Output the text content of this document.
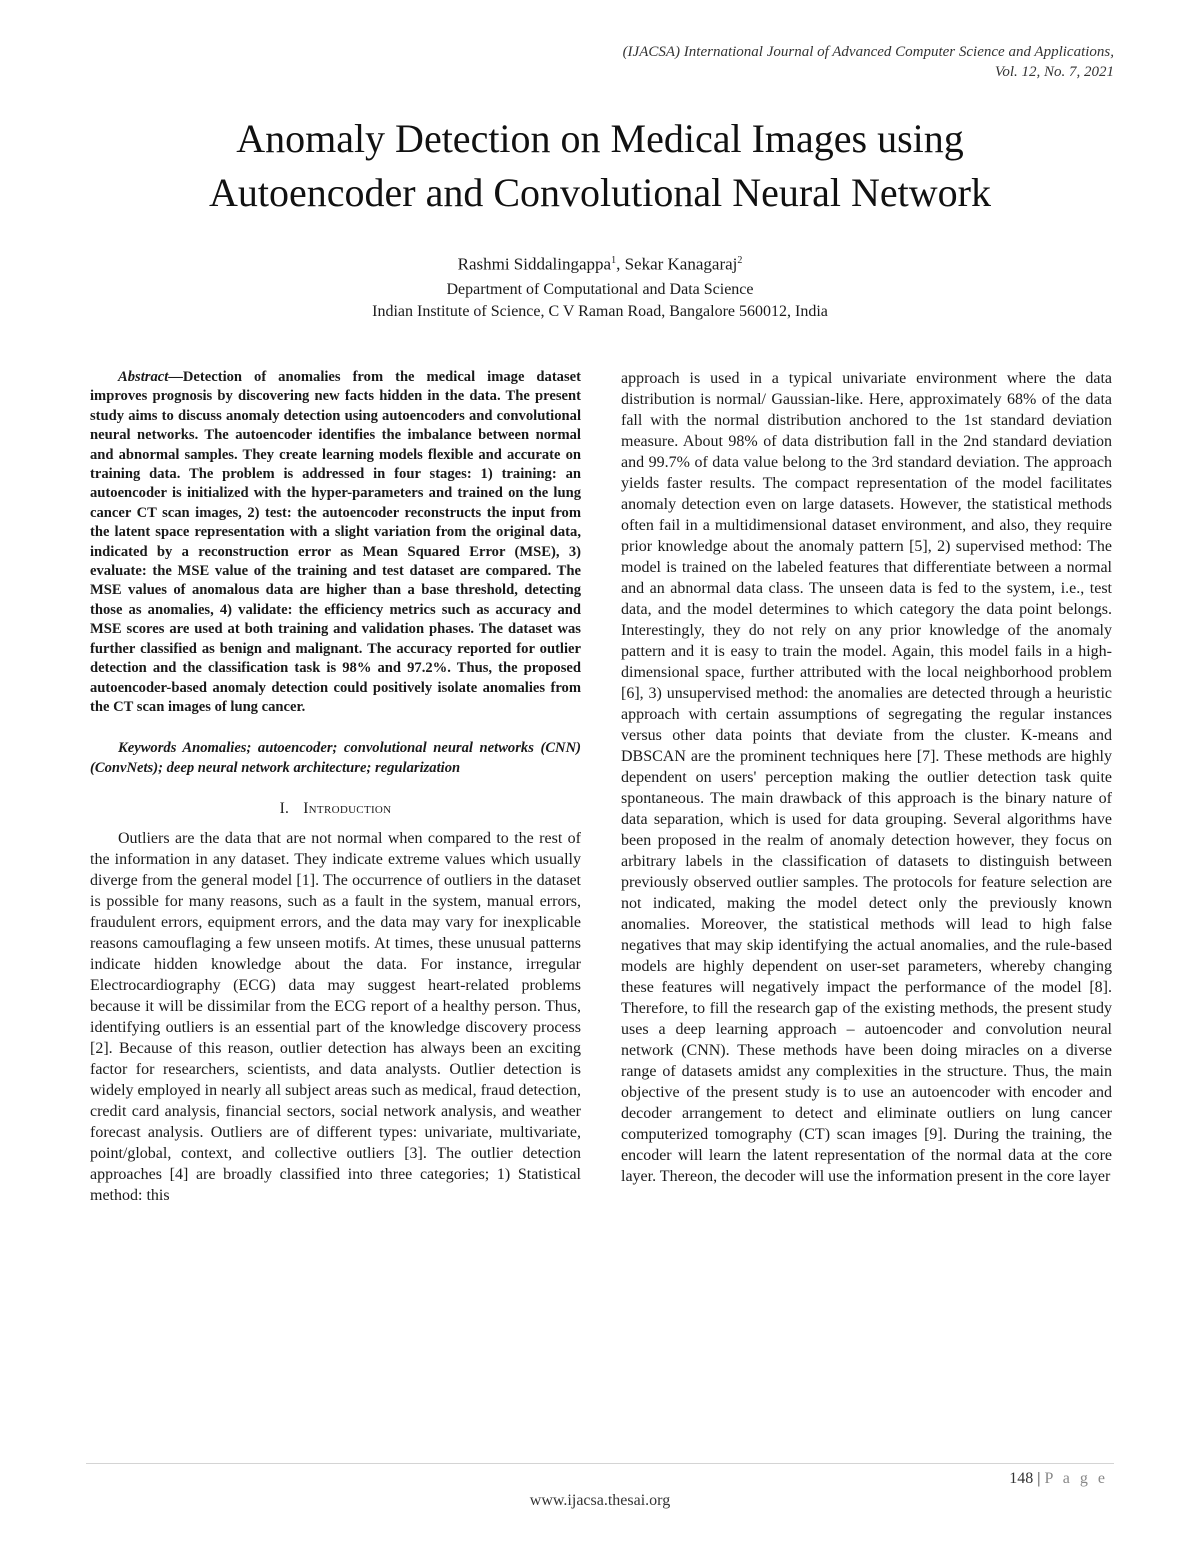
(IJACSA) International Journal of Advanced Computer Science and Applications,
Vol. 12, No. 7, 2021
Anomaly Detection on Medical Images using
Autoencoder and Convolutional Neural Network
Rashmi Siddalingappa$^1$, Sekar Kanagaraj$^2$
Department of Computational and Data Science
Indian Institute of Science, C V Raman Road, Bangalore 560012, India

Abstract—Detection of anomalies from the medical image dataset improves prognosis by discovering new facts hidden in the data. The present study aims to discuss anomaly detection using autoencoders and convolutional neural networks. The autoencoder identifies the imbalance between normal and abnormal samples. They create learning models flexible and accurate on training data. The problem is addressed in four stages: 1) training: an autoencoder is initialized with the hyper-parameters and trained on the lung cancer CT scan images, 2) test: the autoencoder reconstructs the input from the latent space representation with a slight variation from the original data, indicated by a reconstruction error as Mean Squared Error (MSE), 3) evaluate: the MSE value of the training and test dataset are compared. The MSE values of anomalous data are higher than a base threshold, detecting those as anomalies, 4) validate: the efficiency metrics such as accuracy and MSE scores are used at both training and validation phases. The dataset was further classified as benign and malignant. The accuracy reported for outlier detection and the classification task is 98% and 97.2%. Thus, the proposed autoencoder-based anomaly detection could positively isolate anomalies from the CT scan images of lung cancer.

Keywords Anomalies; autoencoder; convolutional neural networks (CNN) (ConvNets); deep neural network architecture; regularization

I. Introduction

Outliers are the data that are not normal when compared to the rest of the information in any dataset. They indicate extreme values which usually diverge from the general model [1]. The occurrence of outliers in the dataset is possible for many reasons, such as a fault in the system, manual errors, fraudulent errors, equipment errors, and the data may vary for inexplicable reasons camouflaging a few unseen motifs. At times, these unusual patterns indicate hidden knowledge about the data. For instance, irregular Electrocardiography (ECG) data may suggest heart-related problems because it will be dissimilar from the ECG report of a healthy person. Thus, identifying outliers is an essential part of the knowledge discovery process [2]. Because of this reason, outlier detection has always been an exciting factor for researchers, scientists, and data analysts. Outlier detection is widely employed in nearly all subject areas such as medical, fraud detection, credit card analysis, financial sectors, social network analysis, and weather forecast analysis. Outliers are of different types: univariate, multivariate, point/global, context, and collective outliers [3]. The outlier detection approaches [4] are broadly classified into three categories; 1) Statistical method: this

approach is used in a typical univariate environment where the data distribution is normal/ Gaussian-like. Here, approximately 68% of the data fall with the normal distribution anchored to the 1st standard deviation measure. About 98% of data distribution fall in the 2nd standard deviation and 99.7% of data value belong to the 3rd standard deviation. The approach yields faster results. The compact representation of the model facilitates anomaly detection even on large datasets. However, the statistical methods often fail in a multidimensional dataset environment, and also, they require prior knowledge about the anomaly pattern [5], 2) supervised method: The model is trained on the labeled features that differentiate between a normal and an abnormal data class. The unseen data is fed to the system, i.e., test data, and the model determines to which category the data point belongs. Interestingly, they do not rely on any prior knowledge of the anomaly pattern and it is easy to train the model. Again, this model fails in a high-dimensional space, further attributed with the local neighborhood problem [6], 3) unsupervised method: the anomalies are detected through a heuristic approach with certain assumptions of segregating the regular instances versus other data points that deviate from the cluster. K-means and DBSCAN are the prominent techniques here [7]. These methods are highly dependent on users' perception making the outlier detection task quite spontaneous. The main drawback of this approach is the binary nature of data separation, which is used for data grouping. Several algorithms have been proposed in the realm of anomaly detection however, they focus on arbitrary labels in the classification of datasets to distinguish between previously observed outlier samples. The protocols for feature selection are not indicated, making the model detect only the previously known anomalies. Moreover, the statistical methods will lead to high false negatives that may skip identifying the actual anomalies, and the rule-based models are highly dependent on user-set parameters, whereby changing these features will negatively impact the performance of the model [8]. Therefore, to fill the research gap of the existing methods, the present study uses a deep learning approach – autoencoder and convolution neural network (CNN). These methods have been doing miracles on a diverse range of datasets amidst any complexities in the structure. Thus, the main objective of the present study is to use an autoencoder with encoder and decoder arrangement to detect and eliminate outliers on lung cancer computerized tomography (CT) scan images [9]. During the training, the encoder will learn the latent representation of the normal data at the core layer. Thereon, the decoder will use the information present in the core layer

148 | P a g e
www.ijacsa.thesai.org
